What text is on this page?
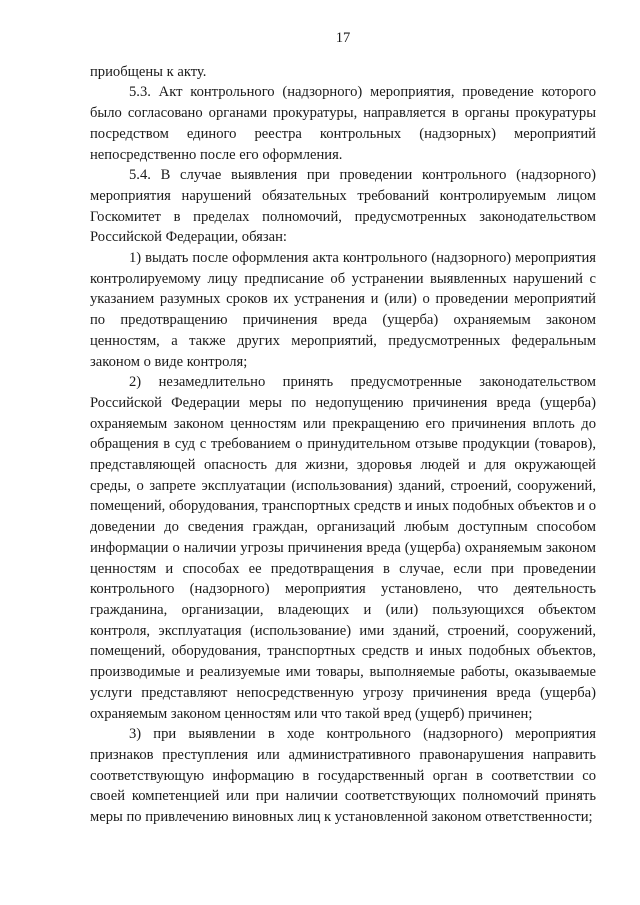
17

приобщены к акту.

5.3. Акт контрольного (надзорного) мероприятия, проведение которого было согласовано органами прокуратуры, направляется в органы прокуратуры посредством единого реестра контрольных (надзорных) мероприятий непосредственно после его оформления.

5.4. В случае выявления при проведении контрольного (надзорного) мероприятия нарушений обязательных требований контролируемым лицом Госкомитет в пределах полномочий, предусмотренных законодательством Российской Федерации, обязан:

1) выдать после оформления акта контрольного (надзорного) мероприятия контролируемому лицу предписание об устранении выявленных нарушений с указанием разумных сроков их устранения и (или) о проведении мероприятий по предотвращению причинения вреда (ущерба) охраняемым законом ценностям, а также других мероприятий, предусмотренных федеральным законом о виде контроля;

2) незамедлительно принять предусмотренные законодательством Российской Федерации меры по недопущению причинения вреда (ущерба) охраняемым законом ценностям или прекращению его причинения вплоть до обращения в суд с требованием о принудительном отзыве продукции (товаров), представляющей опасность для жизни, здоровья людей и для окружающей среды, о запрете эксплуатации (использования) зданий, строений, сооружений, помещений, оборудования, транспортных средств и иных подобных объектов и о доведении до сведения граждан, организаций любым доступным способом информации о наличии угрозы причинения вреда (ущерба) охраняемым законом ценностям и способах ее предотвращения в случае, если при проведении контрольного (надзорного) мероприятия установлено, что деятельность гражданина, организации, владеющих и (или) пользующихся объектом контроля, эксплуатация (использование) ими зданий, строений, сооружений, помещений, оборудования, транспортных средств и иных подобных объектов, производимые и реализуемые ими товары, выполняемые работы, оказываемые услуги представляют непосредственную угрозу причинения вреда (ущерба) охраняемым законом ценностям или что такой вред (ущерб) причинен;

3) при выявлении в ходе контрольного (надзорного) мероприятия признаков преступления или административного правонарушения направить соответствующую информацию в государственный орган в соответствии со своей компетенцией или при наличии соответствующих полномочий принять меры по привлечению виновных лиц к установленной законом ответственности;
